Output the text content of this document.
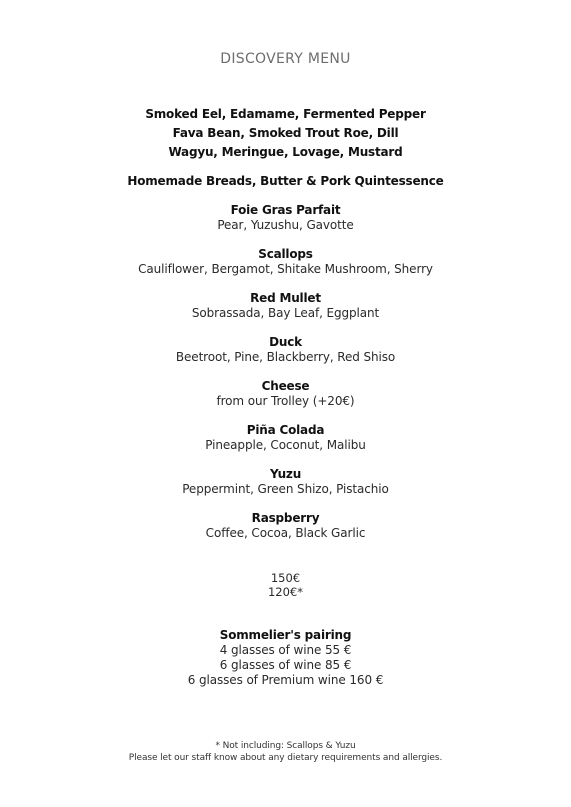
DISCOVERY MENU
Smoked Eel, Edamame, Fermented Pepper
Fava Bean, Smoked Trout Roe, Dill
Wagyu, Meringue, Lovage, Mustard
Homemade Breads, Butter & Pork Quintessence
Foie Gras Parfait
Pear, Yuzushu, Gavotte
Scallops
Cauliflower, Bergamot, Shitake Mushroom, Sherry
Red Mullet
Sobrassada, Bay Leaf, Eggplant
Duck
Beetroot, Pine, Blackberry, Red Shiso
Cheese
from our Trolley (+20€)
Piña Colada
Pineapple, Coconut, Malibu
Yuzu
Peppermint, Green Shizo, Pistachio
Raspberry
Coffee, Cocoa, Black Garlic
150€
120€*
Sommelier's pairing
4 glasses of wine 55 €
6 glasses of wine 85 €
6 glasses of Premium wine 160 €
* Not including: Scallops & Yuzu
Please let our staff know about any dietary requirements and allergies.
